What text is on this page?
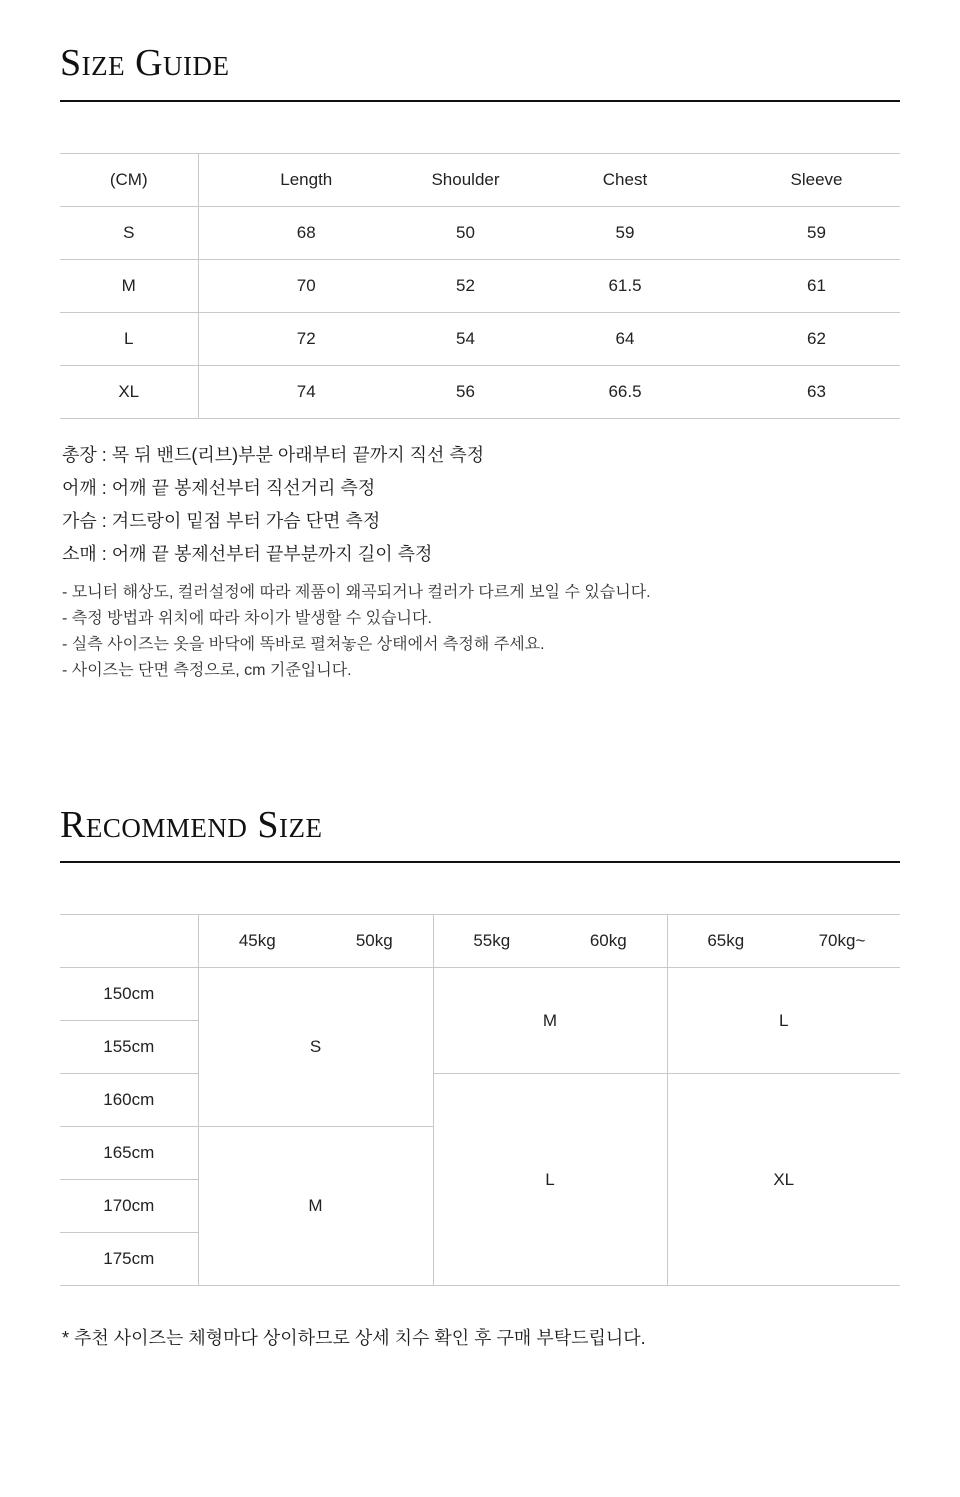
Size Guide
(CM)	Length	Shoulder	Chest	Sleeve
S	68	50	59	59
M	70	52	61.5	61
L	72	54	64	62
XL	74	56	66.5	63
총장 : 목 뒤 밴드(리브)부분 아래부터 끝까지 직선 측정
어깨 : 어깨 끝 봉제선부터 직선거리 측정
가슴 : 겨드랑이 밑점 부터 가슴 단면 측정
소매 : 어깨 끝 봉제선부터 끝부분까지 길이 측정
- 모니터 해상도, 컬러설정에 따라 제품이 왜곡되거나 컬러가 다르게 보일 수 있습니다.
- 측정 방법과 위치에 따라 차이가 발생할 수 있습니다.
- 실측 사이즈는 옷을 바닥에 똑바로 펼쳐놓은 상태에서 측정해 주세요.
- 사이즈는 단면 측정으로, cm 기준입니다.
Recommend Size
	45kg	50kg	55kg	60kg	65kg	70kg~
150cm	S		M		L	
155cm						
160cm			L		XL	
165cm	M					
170cm						
175cm						

* 추천 사이즈는 체형마다 상이하므로 상세 치수 확인 후 구매 부탁드립니다.
